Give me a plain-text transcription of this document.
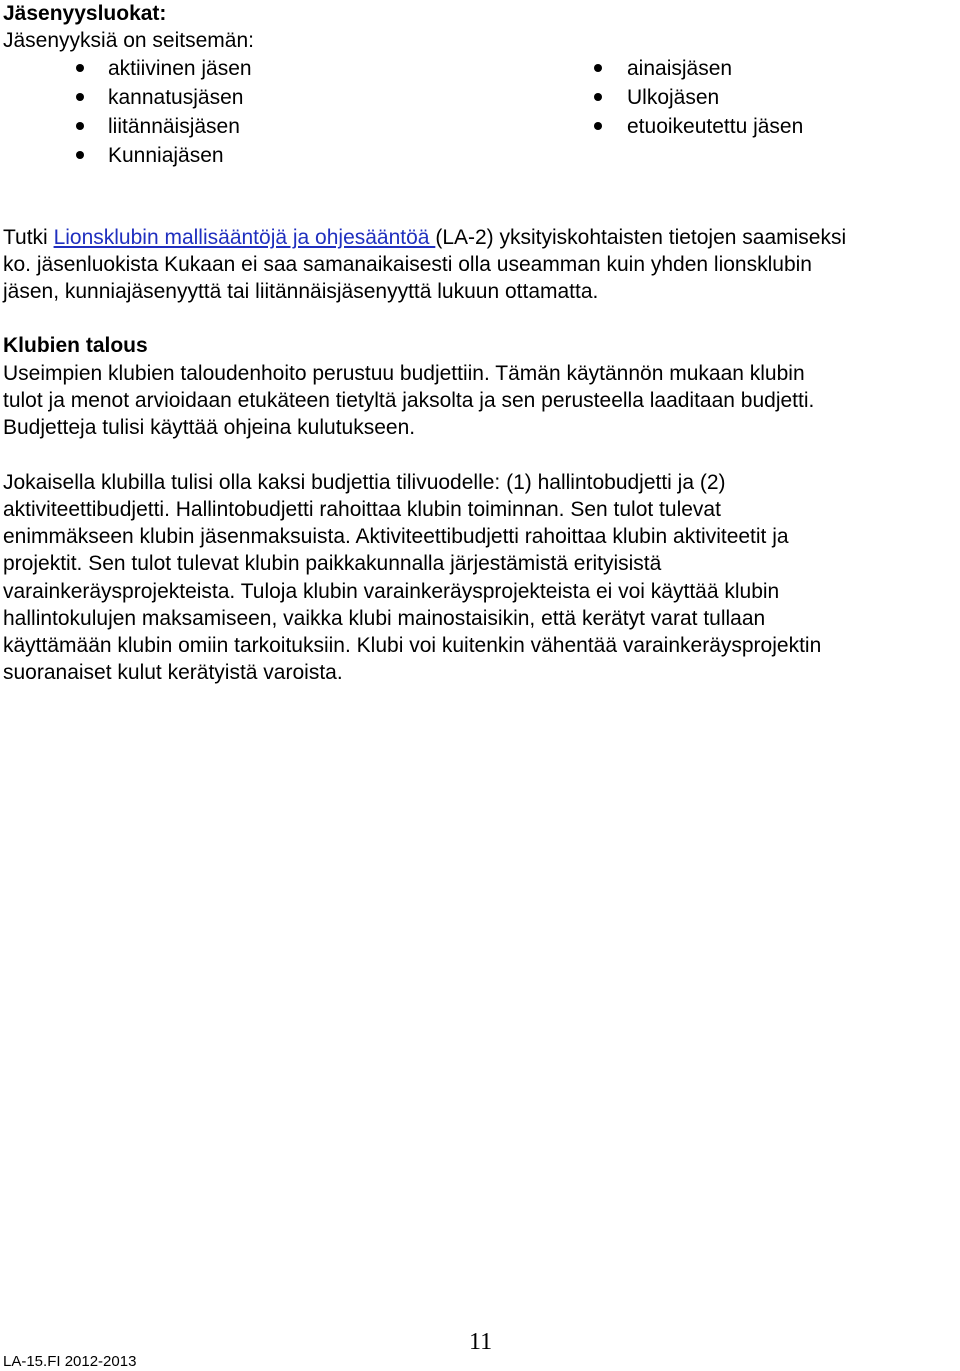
Jäsenyysluokat:
Jäsenyyksiä on seitsemän:
aktiivinen jäsen
kannatusjäsen
liitännäisjäsen
Kunniajäsen
ainaisjäsen
Ulkojäsen
etuoikeutettu jäsen
Tutki Lionsklubin mallisääntöjä ja ohjesääntöä (LA-2) yksityiskohtaisten tietojen saamiseksi
ko. jäsenluokista Kukaan ei saa samanaikaisesti olla useamman kuin yhden lionsklubin
jäsen, kunniajäsenyyttä tai liitännäisjäsenyyttä lukuun ottamatta.
Klubien talous
Useimpien klubien taloudenhoito perustuu budjettiin. Tämän käytännön mukaan klubin
tulot ja menot arvioidaan etukäteen tietyltä jaksolta ja sen perusteella laaditaan budjetti.
Budjetteja tulisi käyttää ohjeina kulutukseen.
Jokaisella klubilla tulisi olla kaksi budjettia tilivuodelle: (1) hallintobudjetti ja (2)
aktiviteettibudjetti. Hallintobudjetti rahoittaa klubin toiminnan. Sen tulot tulevat
enimmäkseen klubin jäsenmaksuista. Aktiviteettibudjetti rahoittaa klubin aktiviteetit ja
projektit. Sen tulot tulevat klubin paikkakunnalla järjestämistä erityisistä
varainkeräysprojekteista. Tuloja klubin varainkeräysprojekteista ei voi käyttää klubin
hallintokulujen maksamiseen, vaikka klubi mainostaisikin, että kerätyt varat tullaan
käyttämään klubin omiin tarkoituksiin. Klubi voi kuitenkin vähentää varainkeräysprojektin
suoranaiset kulut kerätyistä varoista.
11
LA-15.FI 2012-2013
